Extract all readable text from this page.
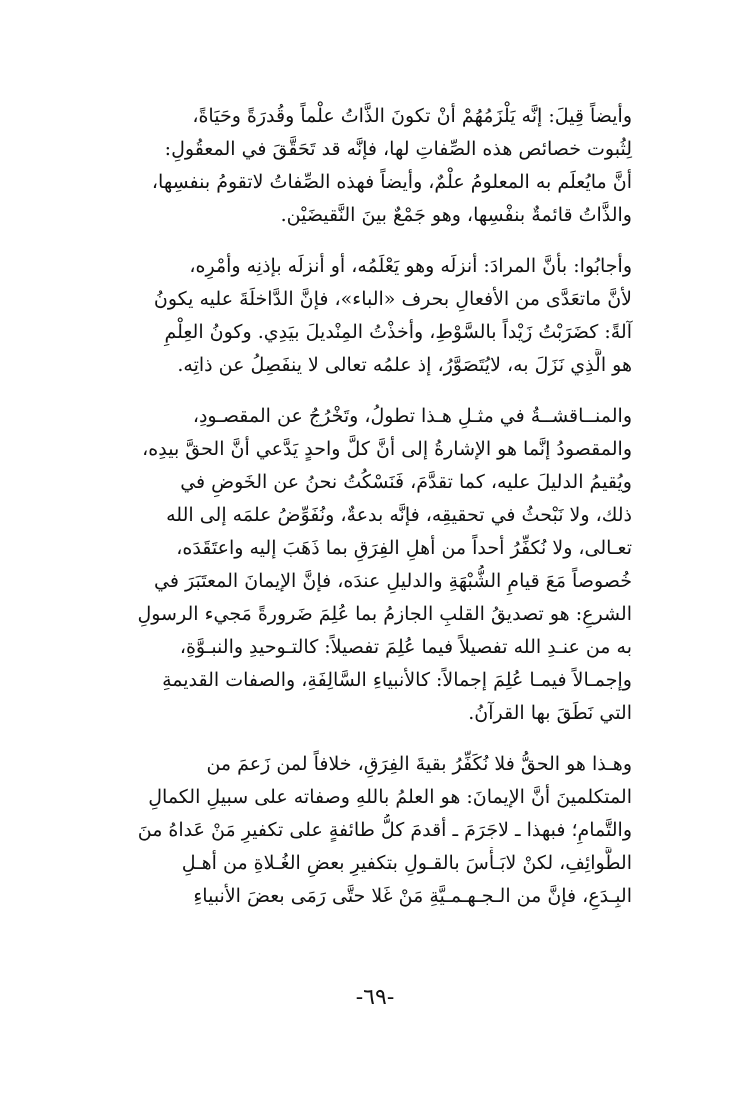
وأيضاً قِيلَ: إنَّه يَلْزَمُهُمْ أنْ تكونَ الذَّاتُ علْماً وقُدرَةً وحَيَاةً،
لِثُبوت خصائص هذه الصِّفاتِ لها، فإنَّه قد تَحَقَّقَ في المعقُولِ:
أنَّ مايُعلَم به المعلومُ علْمٌ، وأيضاً فهذه الصِّفاتُ لاتقومُ بنفسِها،
والذَّاتُ قائمةٌ بنفْسِها، وهو جَمْعٌ بينَ النَّقيضَيْن.

وأجابُوا: بأنَّ المرادَ: أنزلَه وهو يَعْلَمُه، أو أنزلَه بإذنِه وأمْرِه،
لأنَّ ماتعَدَّى من الأفعالِ بحرف «الباء»، فإنَّ الدَّاخلَةَ عليه يكونُ
آلةً: كضَرَبْتُ زَيْداً بالسَّوْطِ، وأخذْتُ المِنْديلَ بيَدِي. وكونُ العِلْمِ
هو الَّذِي نَزَلَ به، لايُتَصَوَّرُ، إذ علمُه تعالى لا ينفَصِلُ عن ذاتِه.

والمنــاقشــةُ في مثـلِ هـذا تطولُ، وتَخْرُجُ عن المقصـودِ،
والمقصودُ إنَّما هو الإشارةُ إلى أنَّ كلَّ واحدٍ يَدَّعي أنَّ الحقَّ بيدِه،
ويُقيمُ الدليلَ عليه، كما تقدَّمَ، فَنَسْكُتُ نحنُ عن الخَوضِ في
ذلك، ولا نَبْحثُ في تحقيقِه، فإنَّه بدعةٌ، ونُفَوِّضُ علمَه إلى الله
تعـالى، ولا نُكفِّرُ أحداً من أهلِ الفِرَقِ بما ذَهَبَ إليه واعتَقَدَه،
خُصوصاً مَعَ قيامِ الشُّبْهَةِ والدليلِ عندَه، فإنَّ الإيمانَ المعتَبَرَ في
الشرعِ: هو تصديقُ القلبِ الجازمُ بما عُلِمَ ضَرورةً مَجيء الرسولِ
به من عنـدِ الله تفصيلاً فيما عُلِمَ تفصيلاً: كالتـوحيدِ والنبـوَّةِ،
وإجمـالاً فيمـا عُلِمَ إجمالاً: كالأنبياءِ السَّالِفَةِ، والصفات القديمةِ
التي نَطَقَ بها القرآنُ.

وهـذا هو الحقُّ فلا نُكَفِّرُ بقيةَ الفِرَقِ، خلافاً لمن زَعمَ من
المتكلمينَ أنَّ الإيمانَ: هو العلمُ باللهِ وصفاته على سبيلِ الكمالِ
والتَّمامِ؛ فبهذا ـ لاجَرَمَ ـ أقدمَ كلُّ طائفةٍ على تكفيرِ مَنْ عَداهُ منَ
الطَّوائِفِ، لكنْ لابَـأْسَ بالقـولِ بتكفيرِ بعضِ الغُـلاةِ من أهـلِ
البِـدَعِ، فإنَّ من الـجـهـمـيَّةِ مَنْ غَلا حتَّى رَمَى بعضَ الأنبياءِ

-٦٩-
